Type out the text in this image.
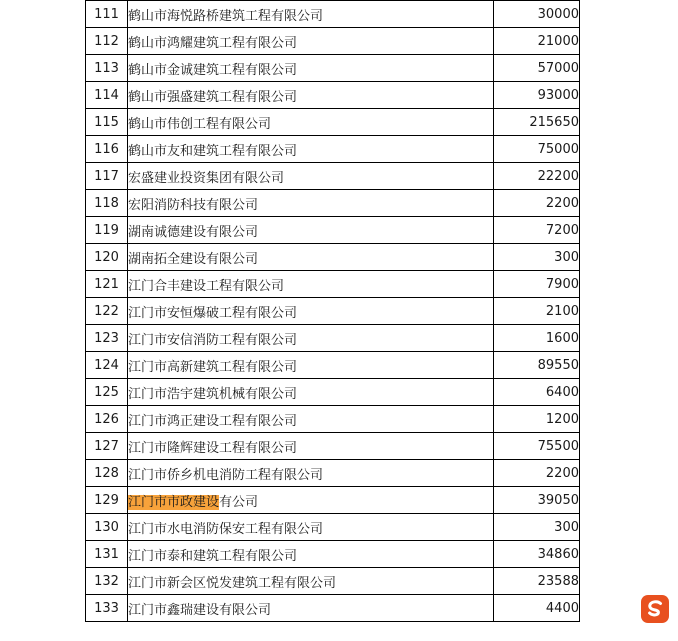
111	鹤山市海悦路桥建筑工程有限公司	30000
112	鹤山市鸿耀建筑工程有限公司	21000
113	鹤山市金诚建筑工程有限公司	57000
114	鹤山市强盛建筑工程有限公司	93000
115	鹤山市伟创工程有限公司	215650
116	鹤山市友和建筑工程有限公司	75000
117	宏盛建业投资集团有限公司	22200
118	宏阳消防科技有限公司	2200
119	湖南诚德建设有限公司	7200
120	湖南拓全建设有限公司	300
121	江门合丰建设工程有限公司	7900
122	江门市安恒爆破工程有限公司	2100
123	江门市安信消防工程有限公司	1600
124	江门市高新建筑工程有限公司	89550
125	江门市浩宇建筑机械有限公司	6400
126	江门市鸿正建设工程有限公司	1200
127	江门市隆辉建设工程有限公司	75500
128	江门市侨乡机电消防工程有限公司	2200
129	江门市市政建设有公司	39050
130	江门市水电消防保安工程有限公司	300
131	江门市泰和建筑工程有限公司	34860
132	江门市新会区悦发建筑工程有限公司	23588
133	江门市鑫瑞建设有限公司	4400
